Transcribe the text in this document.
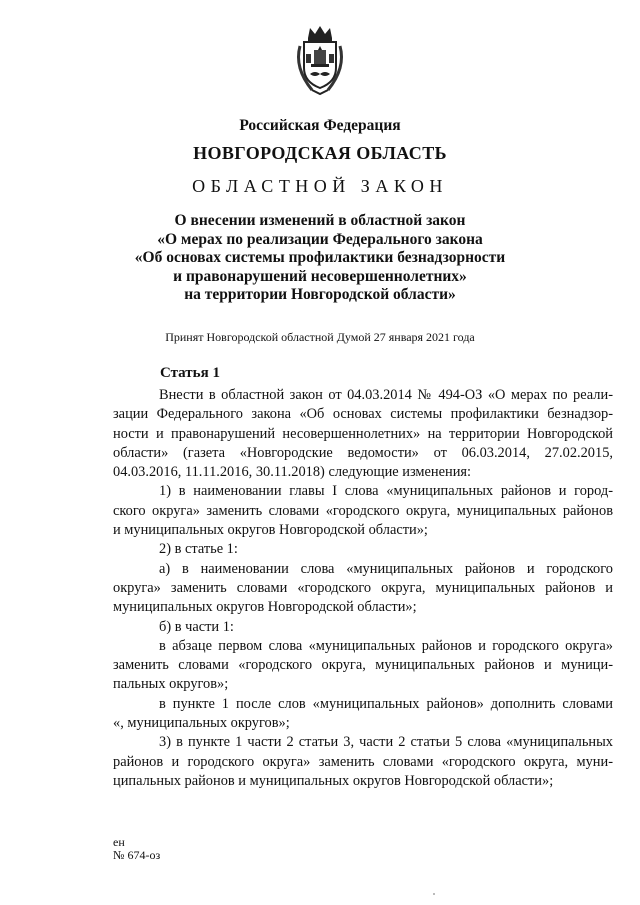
Российская Федерация
НОВГОРОДСКАЯ ОБЛАСТЬ
ОБЛАСТНОЙ ЗАКОН
О внесении изменений в областной закон
«О мерах по реализации Федерального закона
«Об основах системы профилактики безнадзорности
и правонарушений несовершеннолетних»
на территории Новгородской области»
Принят Новгородской областной Думой 27 января 2021 года
Статья 1
Внести в областной закон от 04.03.2014 № 494-ОЗ «О мерах по реали-
зации Федерального закона «Об основах системы профилактики безнадзор-
ности и правонарушений несовершеннолетних» на территории Новгородской
области» (газета «Новгородские ведомости» от 06.03.2014, 27.02.2015,
04.03.2016, 11.11.2016, 30.11.2018) следующие изменения:
1) в наименовании главы I слова «муниципальных районов и город-
ского округа» заменить словами «городского округа, муниципальных районов
и муниципальных округов Новгородской области»;
2) в статье 1:
а) в наименовании слова «муниципальных районов и городского
округа» заменить словами «городского округа, муниципальных районов и
муниципальных округов Новгородской области»;
б) в части 1:
в абзаце первом слова «муниципальных районов и городского округа»
заменить словами «городского округа, муниципальных районов и муници-
пальных округов»;
в пункте 1 после слов «муниципальных районов» дополнить словами
«, муниципальных округов»;
3) в пункте 1 части 2 статьи 3, части 2 статьи 5 слова «муниципальных
районов и городского округа» заменить словами «городского округа, муни-
ципальных районов и муниципальных округов Новгородской области»;
ен
№ 674-оз
